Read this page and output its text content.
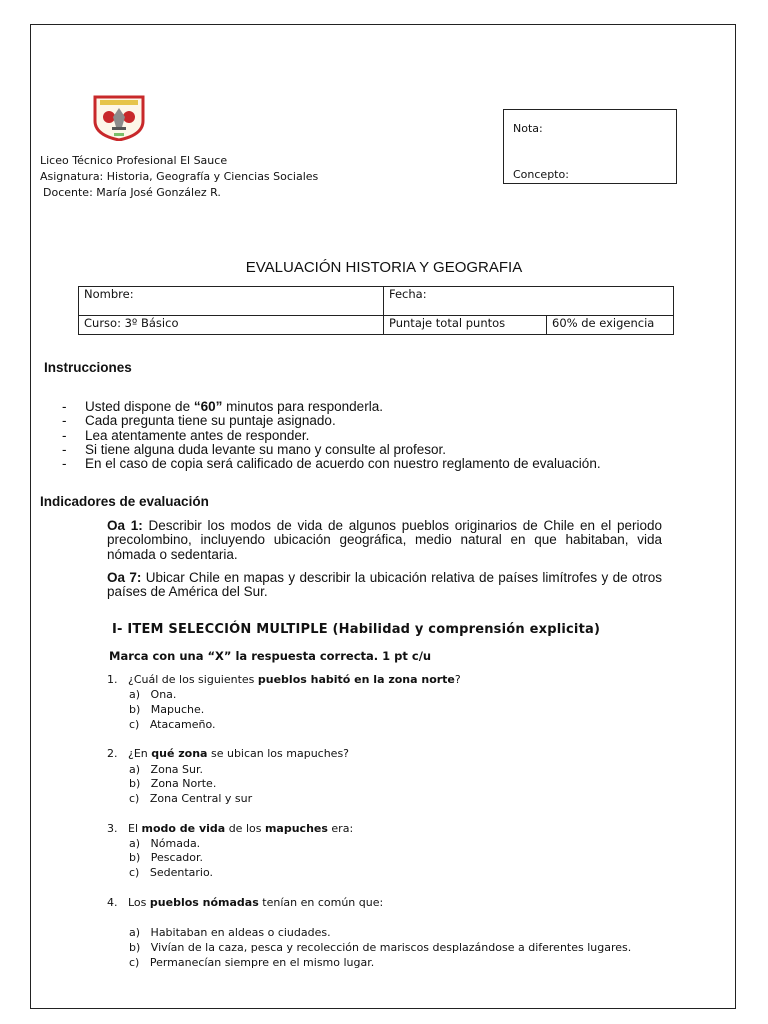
Liceo Técnico Profesional El Sauce
Asignatura: Historia, Geografía y Ciencias Sociales
Docente: María José González R.
Nota:
Concepto:
EVALUACIÓN HISTORIA Y GEOGRAFIA
Nombre:	Fecha:	
Curso: 3º Básico	Puntaje total puntos	60% de exigencia
Instrucciones
- Usted dispone de “60” minutos para responderla.
- Cada pregunta tiene su puntaje asignado.
- Lea atentamente antes de responder.
- Si tiene alguna duda levante su mano y consulte al profesor.
- En el caso de copia será calificado de acuerdo con nuestro reglamento de evaluación.
Indicadores de evaluación
Oa 1: Describir los modos de vida de algunos pueblos originarios de Chile en el periodo precolombino, incluyendo ubicación geográfica, medio natural en que habitaban, vida nómada o sedentaria.
Oa 7: Ubicar Chile en mapas y describir la ubicación relativa de países limítrofes y de otros países de América del Sur.
I- ITEM SELECCIÓN MULTIPLE (Habilidad y comprensión explicita)
Marca con una “X” la respuesta correcta. 1 pt c/u
1. ¿Cuál de los siguientes pueblos habitó en la zona norte?
a) Ona.
b) Mapuche.
c) Atacameño.
2. ¿En qué zona se ubican los mapuches?
a) Zona Sur.
b) Zona Norte.
c) Zona Central y sur
3. El modo de vida de los mapuches era:
a) Nómada.
b) Pescador.
c) Sedentario.
4. Los pueblos nómadas tenían en común que:
a) Habitaban en aldeas o ciudades.
b) Vivían de la caza, pesca y recolección de mariscos desplazándose a diferentes lugares.
c) Permanecían siempre en el mismo lugar.
